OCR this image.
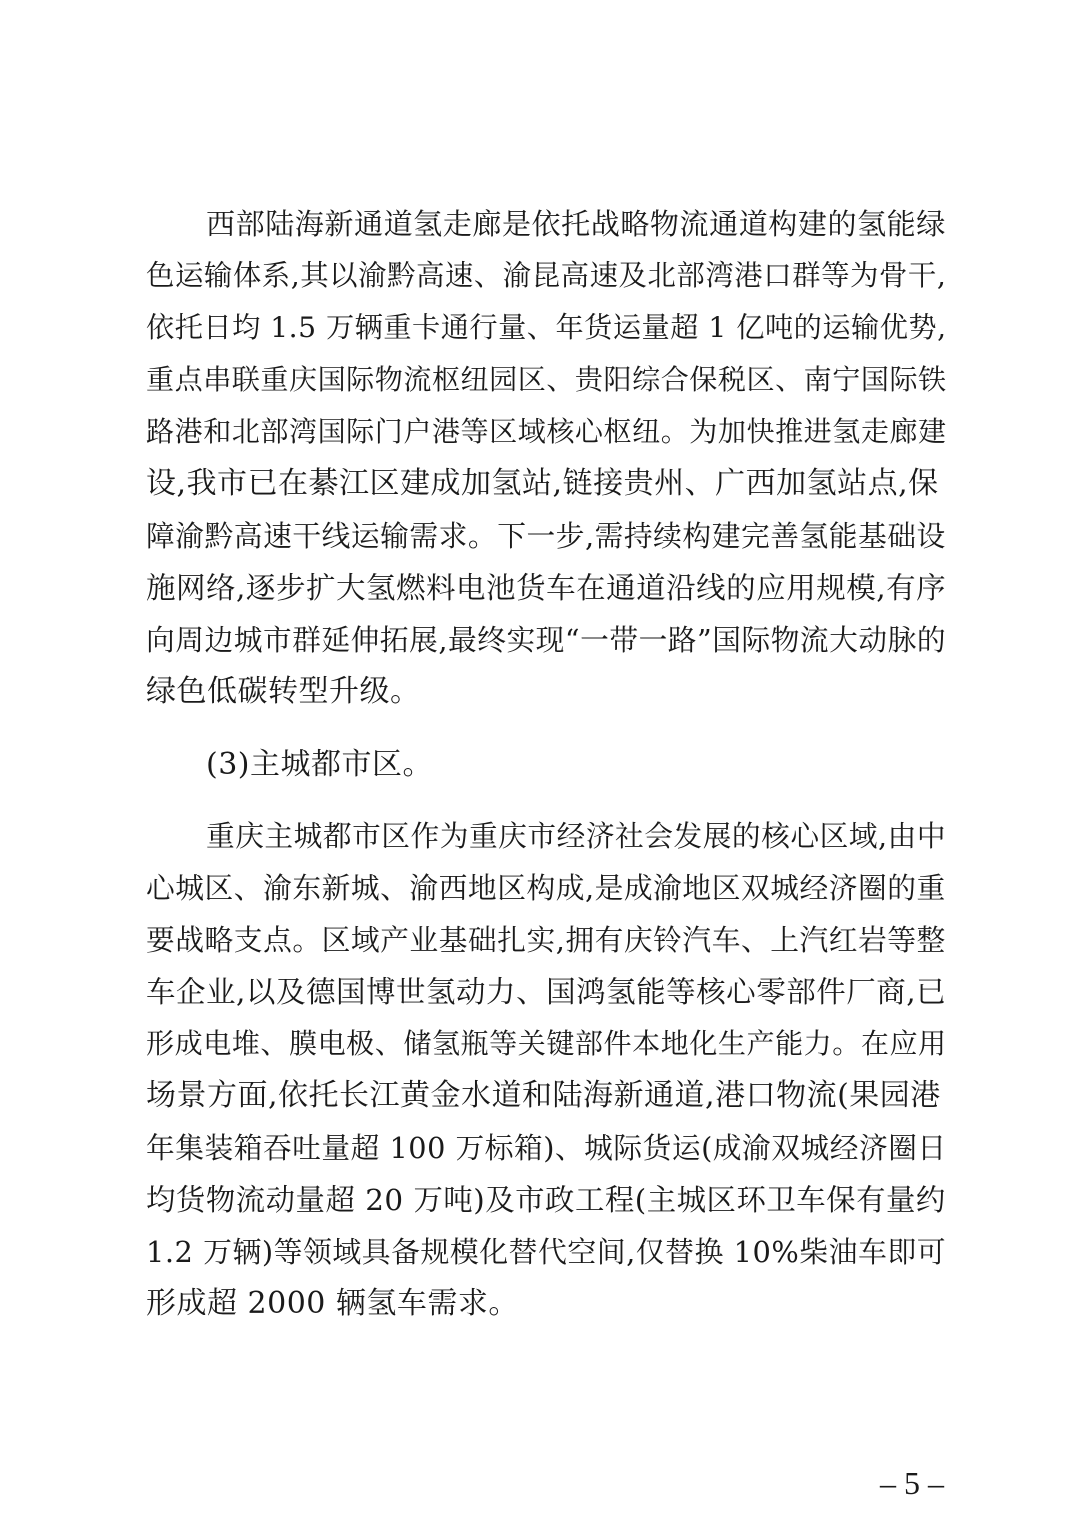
西部陆海新通道氢走廊是依托战略物流通道构建的氢能绿
色运输体系,其以渝黔高速、渝昆高速及北部湾港口群等为骨干,
依托日均 1.5 万辆重卡通行量、年货运量超 1 亿吨的运输优势,
重点串联重庆国际物流枢纽园区、贵阳综合保税区、南宁国际铁
路港和北部湾国际门户港等区域核心枢纽。为加快推进氢走廊建
设,我市已在綦江区建成加氢站,链接贵州、广西加氢站点,保
障渝黔高速干线运输需求。下一步,需持续构建完善氢能基础设
施网络,逐步扩大氢燃料电池货车在通道沿线的应用规模,有序
向周边城市群延伸拓展,最终实现“一带一路”国际物流大动脉的
绿色低碳转型升级。
(3)主城都市区。
重庆主城都市区作为重庆市经济社会发展的核心区域,由中
心城区、渝东新城、渝西地区构成,是成渝地区双城经济圈的重
要战略支点。区域产业基础扎实,拥有庆铃汽车、上汽红岩等整
车企业,以及德国博世氢动力、国鸿氢能等核心零部件厂商,已
形成电堆、膜电极、储氢瓶等关键部件本地化生产能力。在应用
场景方面,依托长江黄金水道和陆海新通道,港口物流(果园港
年集装箱吞吐量超 100 万标箱)、城际货运(成渝双城经济圈日
均货物流动量超 20 万吨)及市政工程(主城区环卫车保有量约
1.2 万辆)等领域具备规模化替代空间,仅替换 10%柴油车即可
形成超 2000 辆氢车需求。
– 5 –
